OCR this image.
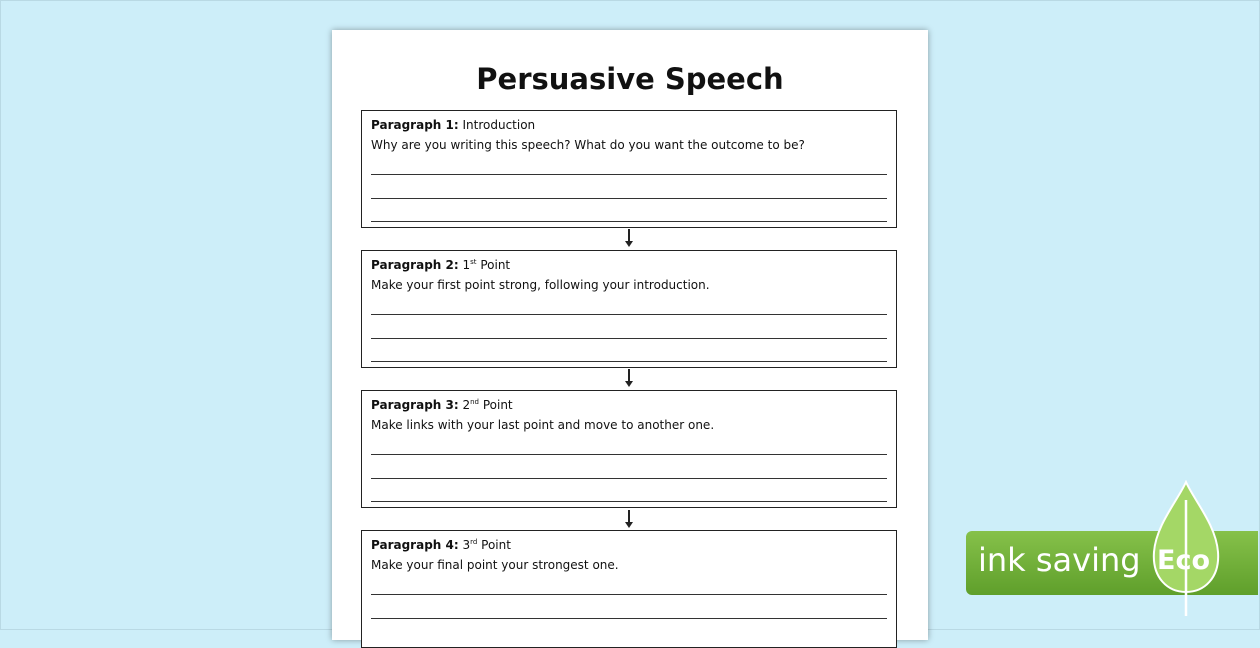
Persuasive Speech
Paragraph 1: Introduction
Why are you writing this speech? What do you want the outcome to be?
Paragraph 2: 1st Point
Make your first point strong, following your introduction.
Paragraph 3: 2nd Point
Make links with your last point and move to another one.
Paragraph 4: 3rd Point
Make your final point your strongest one.	ink saving Eco
